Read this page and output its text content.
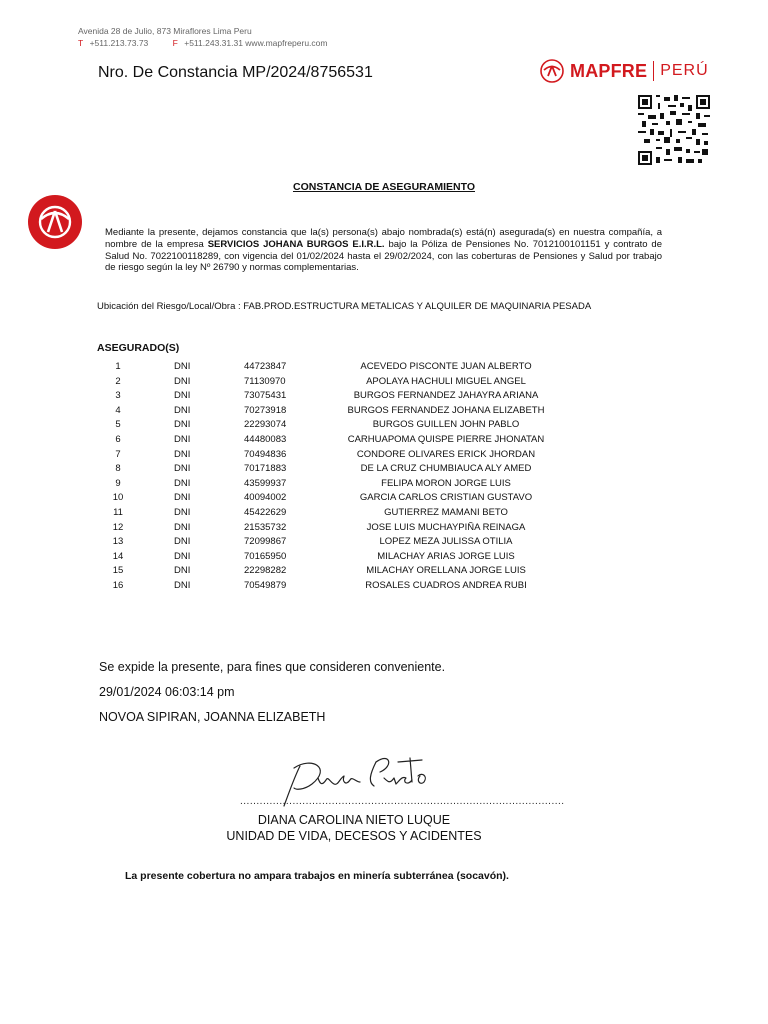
Avenida 28 de Julio, 873 Miraflores Lima Peru
T +511.213.73.73	F +511.243.31.31 www.mapfreperu.com
Nro. De Constancia MP/2024/8756531	MAPFRE PERÚ
CONSTANCIA DE ASEGURAMIENTO
Mediante la presente, dejamos constancia que la(s) persona(s) abajo nombrada(s) está(n) asegurada(s) en nuestra compañía, a nombre de la empresa SERVICIOS JOHANA BURGOS E.I.R.L. bajo la Póliza de Pensiones No. 7012100101151 y contrato de Salud No. 7022100118289, con vigencia del 01/02/2024 hasta el 29/02/2024, con las coberturas de Pensiones y Salud por trabajo de riesgo según la ley Nº 26790 y normas complementarias.
Ubicación del Riesgo/Local/Obra : FAB.PROD.ESTRUCTURA METALICAS Y ALQUILER DE MAQUINARIA PESADA
ASEGURADO(S)
1	DNI	44723847	ACEVEDO PISCONTE JUAN ALBERTO
2	DNI	71130970	APOLAYA HACHULI MIGUEL ANGEL
3	DNI	73075431	BURGOS FERNANDEZ JAHAYRA ARIANA
4	DNI	70273918	BURGOS FERNANDEZ JOHANA ELIZABETH
5	DNI	22293074	BURGOS GUILLEN JOHN PABLO
6	DNI	44480083	CARHUAPOMA QUISPE PIERRE JHONATAN
7	DNI	70494836	CONDORE OLIVARES ERICK JHORDAN
8	DNI	70171883	DE LA CRUZ CHUMBIAUCA ALY AMED
9	DNI	43599937	FELIPA MORON JORGE LUIS
10	DNI	40094002	GARCIA CARLOS CRISTIAN GUSTAVO
11	DNI	45422629	GUTIERREZ MAMANI BETO
12	DNI	21535732	JOSE LUIS MUCHAYPIÑA REINAGA
13	DNI	72099867	LOPEZ MEZA JULISSA OTILIA
14	DNI	70165950	MILACHAY ARIAS JORGE LUIS
15	DNI	22298282	MILACHAY ORELLANA JORGE LUIS
16	DNI	70549879	ROSALES CUADROS ANDREA RUBI
Se expide la presente, para fines que consideren conveniente.
29/01/2024 06:03:14 pm
NOVOA SIPIRAN, JOANNA ELIZABETH
...................................................................................................
DIANA CAROLINA NIETO LUQUE
UNIDAD DE VIDA, DECESOS Y ACIDENTES
La presente cobertura no ampara trabajos en minería subterránea (socavón).
